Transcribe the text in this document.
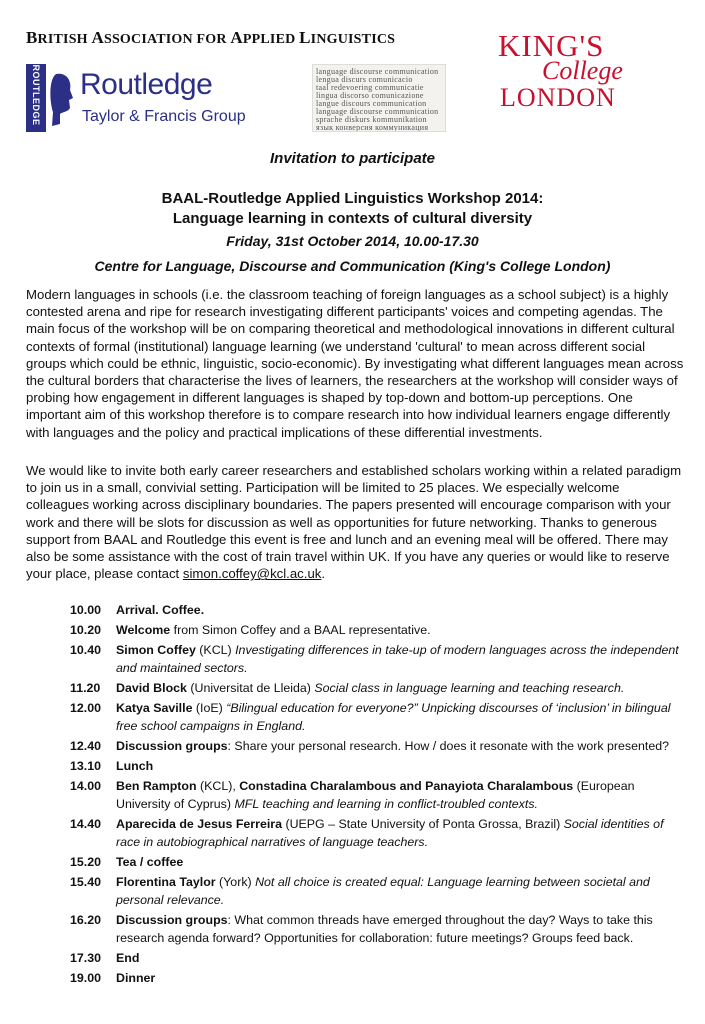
BRITISH ASSOCIATION FOR APPLIED LINGUISTICS
ROUTLEDGE Routledge
Taylor & Francis Group
language discourse communication
lengua discurs comunicacio
taal redevoering communicatie
lingua discorso comunicazione
langue discours communication
language discourse communication
sprache diskurs kommunikation
язык конверсия коммуникация
KING'S
College
LONDON
Invitation to participate
BAAL-Routledge Applied Linguistics Workshop 2014:
Language learning in contexts of cultural diversity
Friday, 31st October 2014, 10.00-17.30
Centre for Language, Discourse and Communication (King's College London)
Modern languages in schools (i.e. the classroom teaching of foreign languages as a school subject) is a highly contested arena and ripe for research investigating different participants' voices and competing agendas. The main focus of the workshop will be on comparing theoretical and methodological innovations in different cultural contexts of formal (institutional) language learning (we understand 'cultural' to mean across different social groups which could be ethnic, linguistic, socio-economic). By investigating what different languages mean across the cultural borders that characterise the lives of learners, the researchers at the workshop will consider ways of probing how engagement in different languages is shaped by top-down and bottom-up perceptions. One important aim of this workshop therefore is to compare research into how individual learners engage differently with languages and the policy and practical implications of these differential investments.
We would like to invite both early career researchers and established scholars working within a related paradigm to join us in a small, convivial setting. Participation will be limited to 25 places. We especially welcome colleagues working across disciplinary boundaries. The papers presented will encourage comparison with your work and there will be slots for discussion as well as opportunities for future networking. Thanks to generous support from BAAL and Routledge this event is free and lunch and an evening meal will be offered. There may also be some assistance with the cost of train travel within UK. If you have any queries or would like to reserve your place, please contact simon.coffey@kcl.ac.uk.
10.00	Arrival. Coffee.
10.20	Welcome from Simon Coffey and a BAAL representative.
10.40	Simon Coffey (KCL) Investigating differences in take-up of modern languages across the independent and maintained sectors.
11.20	David Block (Universitat de Lleida) Social class in language learning and teaching research.
12.00	Katya Saville (IoE) “Bilingual education for everyone?” Unpicking discourses of ‘inclusion’ in bilingual free school campaigns in England.
12.40	Discussion groups: Share your personal research. How / does it resonate with the work presented?
13.10	Lunch
14.00	Ben Rampton (KCL), Constadina Charalambous and Panayiota Charalambous (European University of Cyprus) MFL teaching and learning in conflict-troubled contexts.
14.40	Aparecida de Jesus Ferreira (UEPG – State University of Ponta Grossa, Brazil) Social identities of race in autobiographical narratives of language teachers.
15.20	Tea / coffee
15.40	Florentina Taylor (York) Not all choice is created equal: Language learning between societal and personal relevance.
16.20	Discussion groups: What common threads have emerged throughout the day? Ways to take this research agenda forward? Opportunities for collaboration: future meetings? Groups feed back.
17.30	End
19.00	Dinner
